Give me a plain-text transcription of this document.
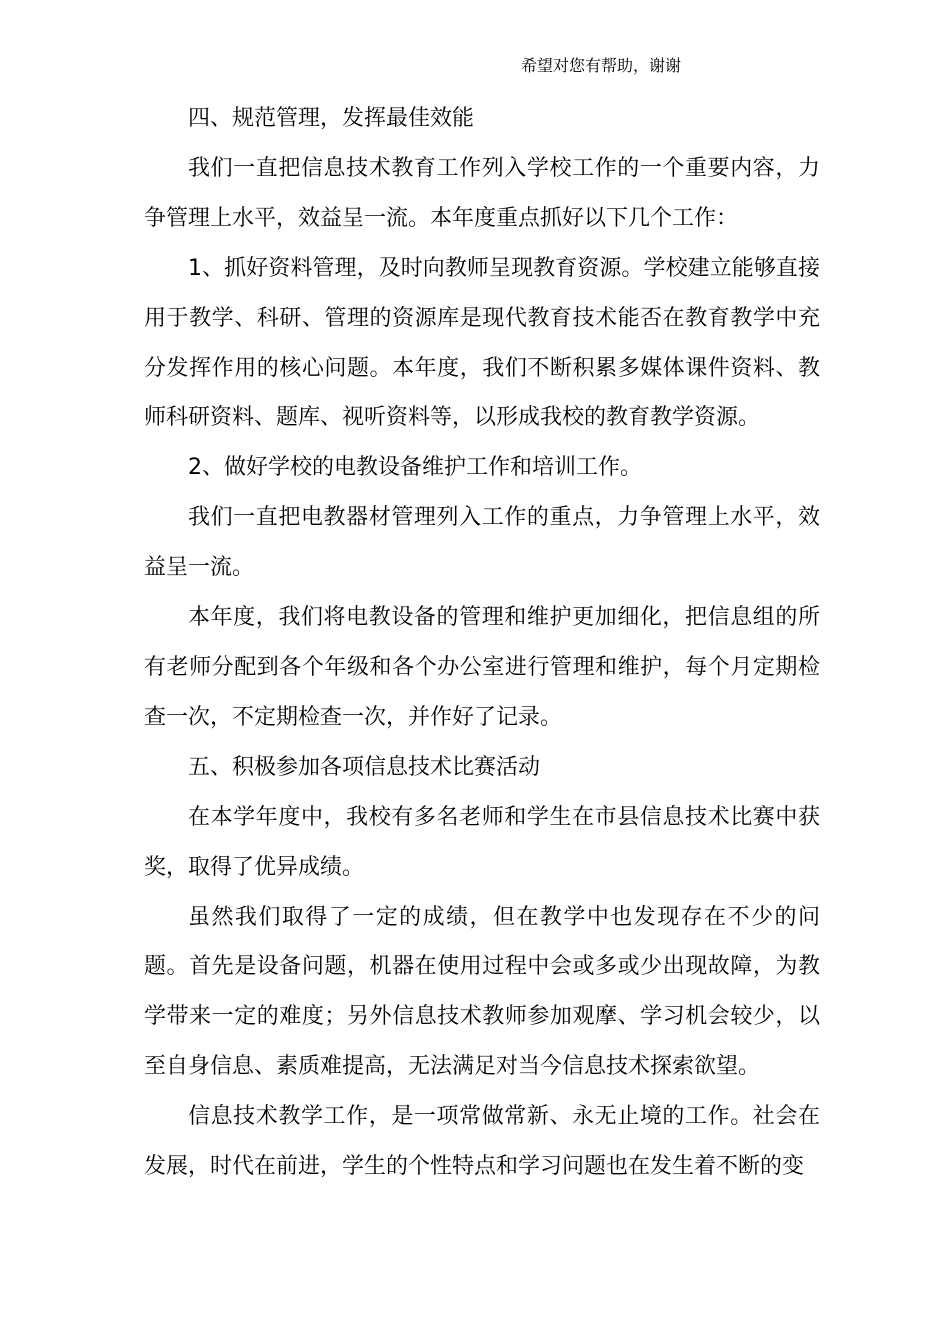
希望对您有帮助，谢谢

四、规范管理，发挥最佳效能

我们一直把信息技术教育工作列入学校工作的一个重要内容，力争管理上水平，效益呈一流。本年度重点抓好以下几个工作：

1、抓好资料管理，及时向教师呈现教育资源。学校建立能够直接用于教学、科研、管理的资源库是现代教育技术能否在教育教学中充分发挥作用的核心问题。本年度，我们不断积累多媒体课件资料、教师科研资料、题库、视听资料等，以形成我校的教育教学资源。

2、做好学校的电教设备维护工作和培训工作。

我们一直把电教器材管理列入工作的重点，力争管理上水平，效益呈一流。

本年度，我们将电教设备的管理和维护更加细化，把信息组的所有老师分配到各个年级和各个办公室进行管理和维护，每个月定期检查一次，不定期检查一次，并作好了记录。

五、积极参加各项信息技术比赛活动

在本学年度中，我校有多名老师和学生在市县信息技术比赛中获奖，取得了优异成绩。

虽然我们取得了一定的成绩，但在教学中也发现存在不少的问题。首先是设备问题，机器在使用过程中会或多或少出现故障，为教学带来一定的难度；另外信息技术教师参加观摩、学习机会较少，以至自身信息、素质难提高，无法满足对当今信息技术探索欲望。

信息技术教学工作，是一项常做常新、永无止境的工作。社会在发展，时代在前进，学生的个性特点和学习问题也在发生着不断的变
